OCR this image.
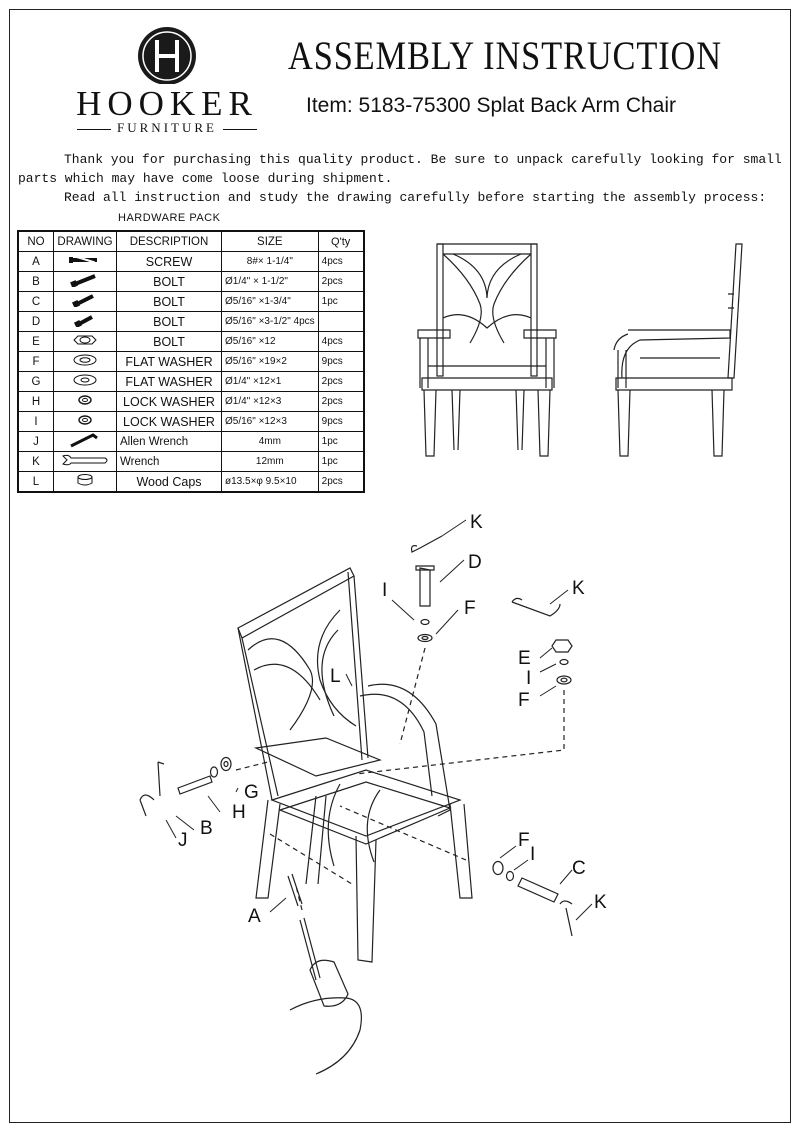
HOOKER
FURNITURE
ASSEMBLY INSTRUCTION
Item: 5183-75300 Splat Back Arm Chair

Thank you for purchasing this quality product. Be sure to unpack carefully looking for small parts which may have come loose during shipment.

Read all instruction and study the drawing carefully before starting the assembly process:

HARDWARE PACK
NO	DRAWING	DESCRIPTION	SIZE	Q'ty
A		SCREW	8#× 1-1/4"	4pcs
B		BOLT	Ø1/4" × 1-1/2"	2pcs
C		BOLT	Ø5/16" ×1-3/4"	1pc
D		BOLT	Ø5/16" ×3-1/2" 4pcs	
E		BOLT	Ø5/16" ×12	4pcs
F		FLAT WASHER	Ø5/16" ×19×2	9pcs
G		FLAT WASHER	Ø1/4" ×12×1	2pcs
H		LOCK WASHER	Ø1/4" ×12×3	2pcs
I		LOCK WASHER	Ø5/16" ×12×3	9pcs
J		Allen Wrench	4mm	1pc
K		Wrench	12mm	1pc
L		Wood Caps	ø13.5×φ 9.5×10	2pcs
K
D
I
F
K
E
I
F
L
G
H
B
J	F
I
C
K
A
